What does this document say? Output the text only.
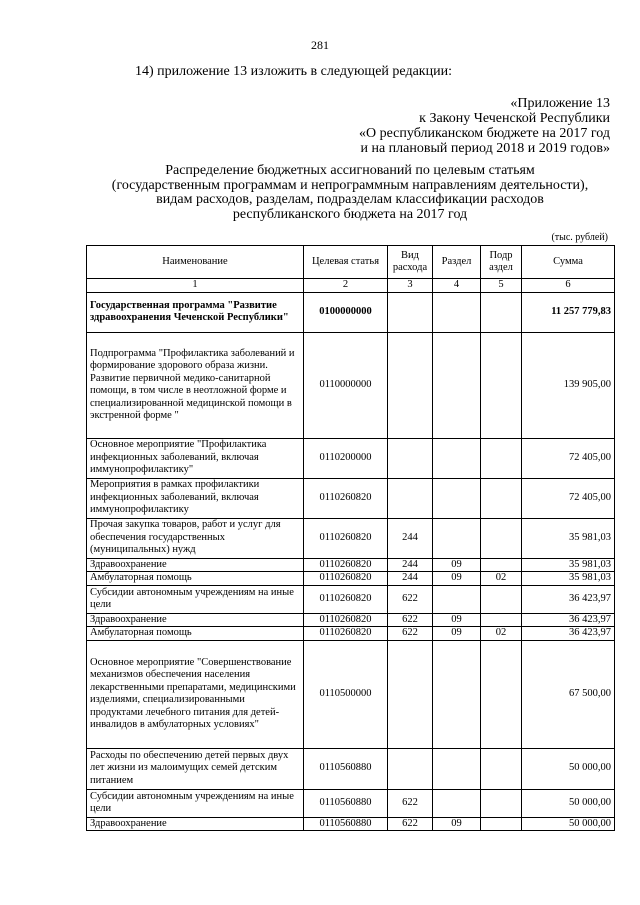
281
14) приложение 13 изложить в следующей редакции:
«Приложение 13
к Закону Чеченской Республики
«О республиканском бюджете на 2017 год
и на плановый период 2018 и 2019 годов»
Распределение бюджетных ассигнований по целевым статьям
(государственным программам и непрограммным направлениям деятельности),
видам расходов, разделам, подразделам классификации расходов
республиканского бюджета на 2017 год
(тыс. рублей)
Наименование	Целевая статья	Вид расхода	Раздел	Подр аздел	Сумма
1	2	3	4	5	6
Государственная программа "Развитие здравоохранения Чеченской Республики"	0100000000				11 257 779,83
Подпрограмма "Профилактика заболеваний и формирование здорового образа жизни. Развитие первичной медико-санитарной помощи, в том числе в неотложной форме и специализированной медицинской помощи в экстренной форме "	0110000000				139 905,00
Основное мероприятие "Профилактика инфекционных заболеваний, включая иммунопрофилактику"	0110200000				72 405,00
Мероприятия в рамках профилактики инфекционных заболеваний, включая иммунопрофилактику	0110260820				72 405,00
Прочая закупка товаров, работ и услуг для обеспечения государственных (муниципальных) нужд	0110260820	244			35 981,03
Здравоохранение	0110260820	244	09		35 981,03
Амбулаторная помощь	0110260820	244	09	02	35 981,03
Субсидии автономным учреждениям на иные цели	0110260820	622			36 423,97
Здравоохранение	0110260820	622	09		36 423,97
Амбулаторная помощь	0110260820	622	09	02	36 423,97
Основное мероприятие "Совершенствование механизмов обеспечения населения лекарственными препаратами, медицинскими изделиями, специализированными продуктами лечебного питания для детей-инвалидов в амбулаторных условиях"	0110500000				67 500,00
Расходы по обеспечению детей первых двух лет жизни из малоимущих семей детским питанием	0110560880				50 000,00
Субсидии автономным учреждениям на иные цели	0110560880	622			50 000,00
Здравоохранение	0110560880	622	09		50 000,00
